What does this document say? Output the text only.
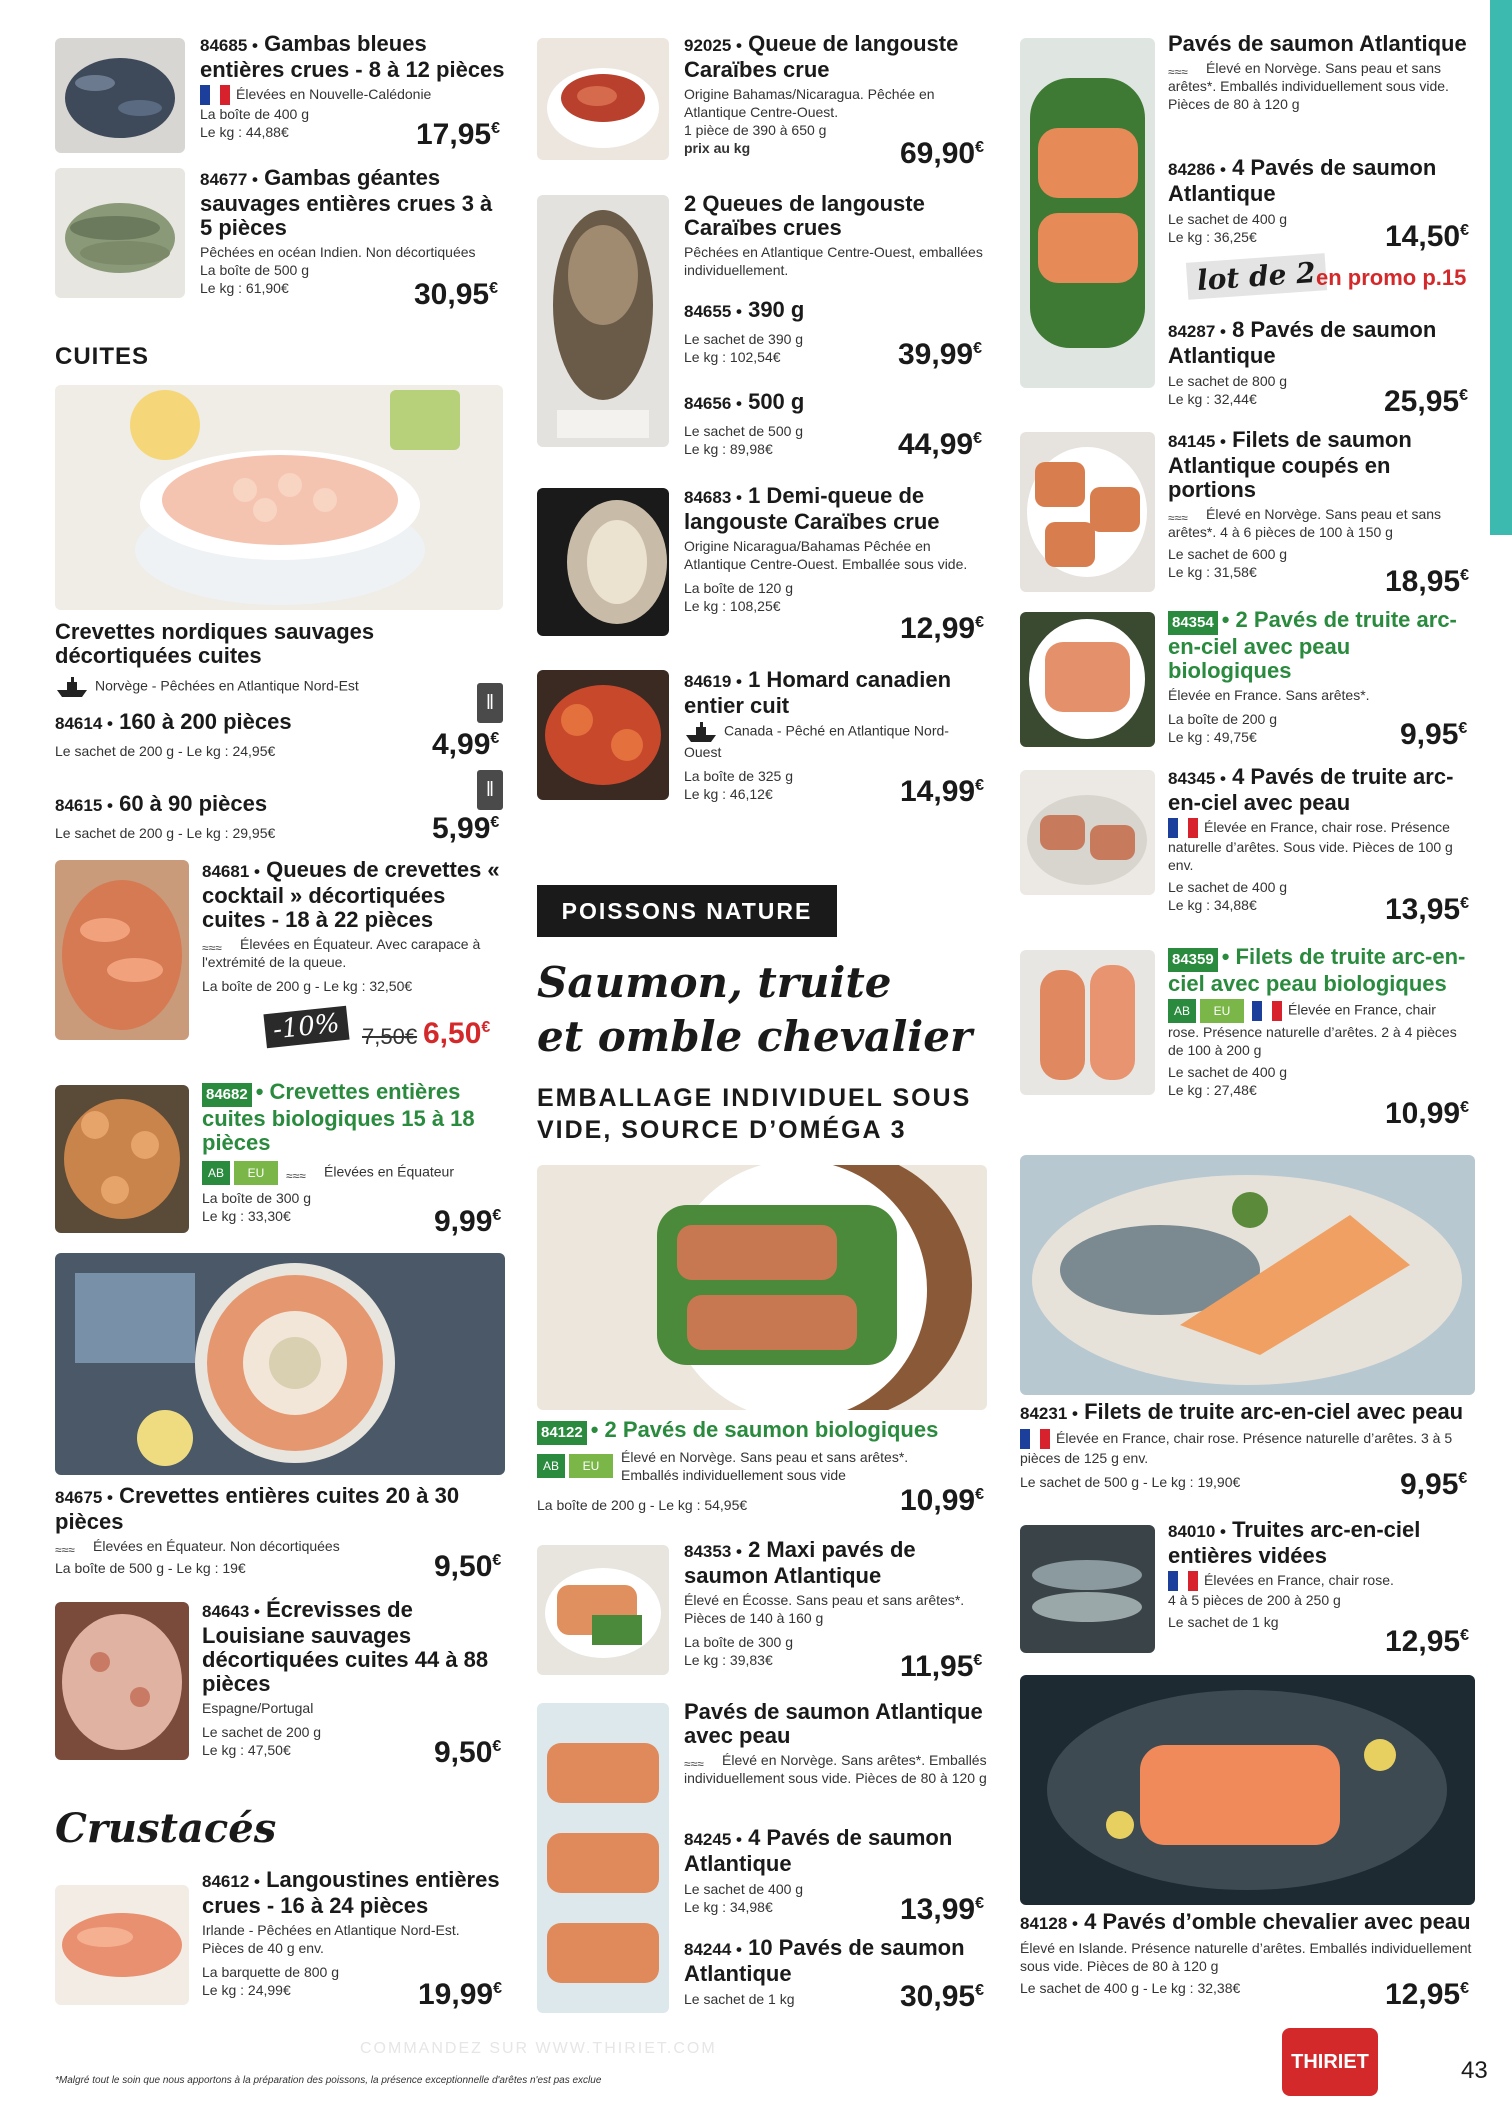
84685 • Gambas bleues entières crues - 8 à 12 pièces
Élevées en Nouvelle-Calédonie
La boîte de 400 g
Le kg : 44,88€	17,95€
84677 • Gambas géantes sauvages entières crues 3 à 5 pièces
Pêchées en océan Indien. Non décortiquées
La boîte de 500 g
Le kg : 61,90€	30,95€
CUITES
Crevettes nordiques sauvages décortiquées cuites
Norvège - Pêchées en Atlantique Nord-Est
84614 • 160 à 200 pièces
Le sachet de 200 g - Le kg : 24,95€
ǁ
4,99€
84615 • 60 à 90 pièces
Le sachet de 200 g - Le kg : 29,95€
ǁ
5,99€
84681 • Queues de crevettes « cocktail » décortiquées cuites - 18 à 22 pièces
≈≈≈ Élevées en Équateur. Avec carapace à l'extrémité de la queue.
La boîte de 200 g - Le kg : 32,50€
-10% 7,50€ 6,50€
84682 • Crevettes entières cuites biologiques 15 à 18 pièces
AB EU ≈≈≈ Élevées en Équateur
La boîte de 300 g
Le kg : 33,30€	9,99€
84675 • Crevettes entières cuites 20 à 30 pièces
≈≈≈ Élevées en Équateur. Non décortiquées
La boîte de 500 g - Le kg : 19€	9,50€
84643 • Écrevisses de Louisiane sauvages décortiquées cuites 44 à 88 pièces
Espagne/Portugal
Le sachet de 200 g
Le kg : 47,50€	9,50€
Crustacés
84612 • Langoustines entières crues - 16 à 24 pièces
Irlande - Pêchées en Atlantique Nord-Est.
Pièces de 40 g env.
La barquette de 800 g
Le kg : 24,99€	19,99€
92025 • Queue de langouste Caraïbes crue
Origine Bahamas/Nicaragua. Pêchée en Atlantique Centre-Ouest.
1 pièce de 390 à 650 g
prix au kg	69,90€
2 Queues de langouste Caraïbes crues
Pêchées en Atlantique Centre-Ouest, emballées individuellement.
84655 • 390 g
Le sachet de 390 g
Le kg : 102,54€	39,99€
84656 • 500 g
Le sachet de 500 g
Le kg : 89,98€	44,99€
84683 • 1 Demi-queue de langouste Caraïbes crue
Origine Nicaragua/Bahamas Pêchée en Atlantique Centre-Ouest. Emballée sous vide.
La boîte de 120 g
Le kg : 108,25€
12,99€
84619 • 1 Homard canadien entier cuit
Canada - Pêché en Atlantique Nord-Ouest
La boîte de 325 g
Le kg : 46,12€	14,99€
POISSONS NATURE
Saumon, truite
et omble chevalier
EMBALLAGE INDIVIDUEL SOUS
VIDE, SOURCE D’OMÉGA 3
84122 • 2 Pavés de saumon biologiques
AB	EU
Élevé en Norvège. Sans peau et sans arêtes*.
Emballés individuellement sous vide
La boîte de 200 g - Le kg : 54,95€	10,99€
84353 • 2 Maxi pavés de saumon Atlantique
Élevé en Écosse. Sans peau et sans arêtes*. Pièces de 140 à 160 g
La boîte de 300 g
Le kg : 39,83€	11,95€
Pavés de saumon Atlantique avec peau
≈≈≈ Élevé en Norvège. Sans arêtes*. Emballés individuellement sous vide. Pièces de 80 à 120 g
84245 • 4 Pavés de saumon Atlantique
Le sachet de 400 g
Le kg : 34,98€	13,99€
84244 • 10 Pavés de saumon Atlantique
Le sachet de 1 kg	30,95€
Pavés de saumon Atlantique
≈≈≈ Élevé en Norvège. Sans peau et sans arêtes*. Emballés individuellement sous vide. Pièces de 80 à 120 g
84286 • 4 Pavés de saumon Atlantique
Le sachet de 400 g
Le kg : 36,25€	14,50€
lot de 2 en promo p.15
84287 • 8 Pavés de saumon Atlantique
Le sachet de 800 g
Le kg : 32,44€	25,95€
84145 • Filets de saumon Atlantique coupés en portions
≈≈≈ Élevé en Norvège. Sans peau et sans arêtes*. 4 à 6 pièces de 100 à 150 g
Le sachet de 600 g
Le kg : 31,58€	18,95€
84354 • 2 Pavés de truite arc-en-ciel avec peau biologiques
Élevée en France. Sans arêtes*.
La boîte de 200 g
Le kg : 49,75€	9,95€
84345 • 4 Pavés de truite arc-en-ciel avec peau
Élevée en France, chair rose. Présence naturelle d’arêtes. Sous vide. Pièces de 100 g env.
Le sachet de 400 g
Le kg : 34,88€	13,95€
84359 • Filets de truite arc-en-ciel avec peau biologiques
AB EU	Élevée en France, chair rose. Présence naturelle d’arêtes. 2 à 4 pièces de 100 à 200 g
Le sachet de 400 g
Le kg : 27,48€
10,99€
84231 • Filets de truite arc-en-ciel avec peau
Élevée en France, chair rose. Présence naturelle d’arêtes. 3 à 5 pièces de 125 g env.
Le sachet de 500 g - Le kg : 19,90€	9,95€
84010 • Truites arc-en-ciel entières vidées
Élevées en France, chair rose.
4 à 5 pièces de 200 à 250 g
Le sachet de 1 kg
12,95€
84128 • 4 Pavés d’omble chevalier avec peau
Élevé en Islande. Présence naturelle d’arêtes. Emballés individuellement sous vide. Pièces de 80 à 120 g
Le sachet de 400 g - Le kg : 32,38€	12,95€
COMMANDEZ SUR WWW.THIRIET.COM
*Malgré tout le soin que nous apportons à la préparation des poissons, la présence exceptionnelle d'arêtes n'est pas exclue
THIRIET	43
